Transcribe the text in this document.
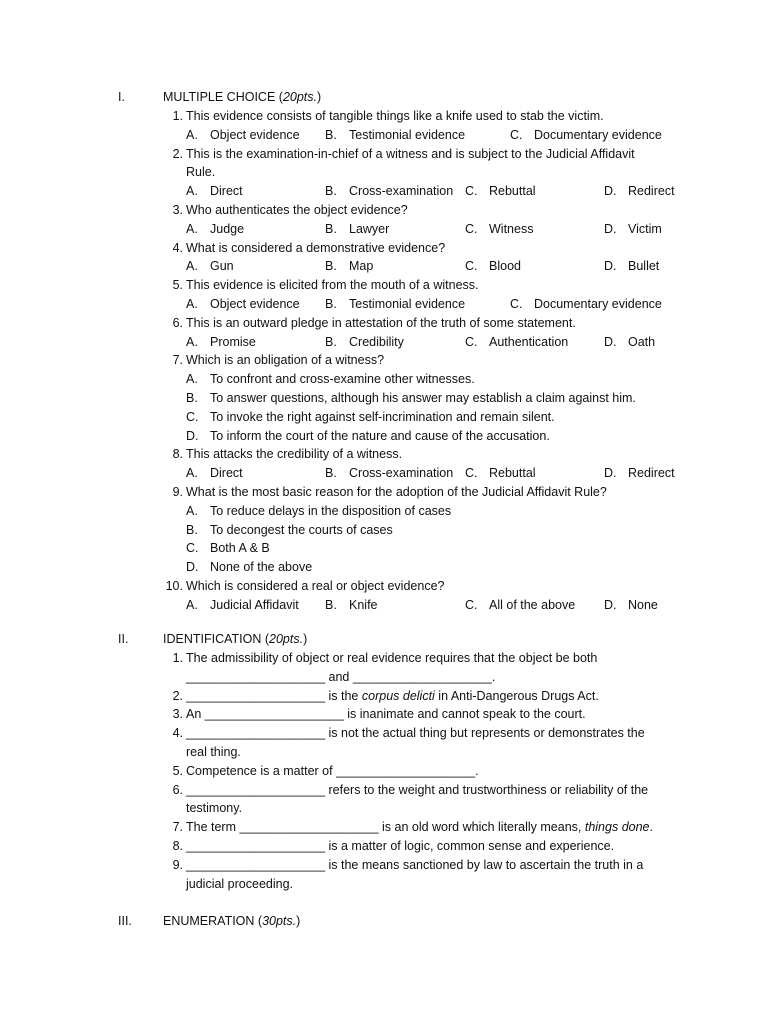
I.	MULTIPLE CHOICE (20pts.)
1. This evidence consists of tangible things like a knife used to stab the victim.
A. Object evidence B. Testimonial evidence	C. Documentary evidence
2. This is the examination-in-chief of a witness and is subject to the Judicial Affidavit
Rule.
A. Direct	B. Cross-examination C. Rebuttal	D. Redirect
3. Who authenticates the object evidence?
A. Judge	B. Lawyer	C. Witness	D. Victim
4. What is considered a demonstrative evidence?
A. Gun	B. Map	C. Blood	D. Bullet
5. This evidence is elicited from the mouth of a witness.
A. Object evidence B. Testimonial evidence	C. Documentary evidence
6. This is an outward pledge in attestation of the truth of some statement.
A. Promise	B. Credibility	C. Authentication	D. Oath
7. Which is an obligation of a witness?
A. To confront and cross-examine other witnesses.
B. To answer questions, although his answer may establish a claim against him.
C. To invoke the right against self-incrimination and remain silent.
D. To inform the court of the nature and cause of the accusation.
8. This attacks the credibility of a witness.
A. Direct	B. Cross-examination C. Rebuttal	D. Redirect
9. What is the most basic reason for the adoption of the Judicial Affidavit Rule?
A. To reduce delays in the disposition of cases
B. To decongest the courts of cases
C. Both A & B
D. None of the above
10. Which is considered a real or object evidence?
A. Judicial Affidavit B. Knife	C. All of the above D. None
II.	IDENTIFICATION (20pts.)
1. The admissibility of object or real evidence requires that the object be both
____________________ and ____________________.
2. ____________________ is the corpus delicti in Anti-Dangerous Drugs Act.
3. An ____________________ is inanimate and cannot speak to the court.
4. ____________________ is not the actual thing but represents or demonstrates the
real thing.
5. Competence is a matter of ____________________.
6. ____________________ refers to the weight and trustworthiness or reliability of the
testimony.
7. The term ____________________ is an old word which literally means, things done.
8. ____________________ is a matter of logic, common sense and experience.
9. ____________________ is the means sanctioned by law to ascertain the truth in a
judicial proceeding.
III. ENUMERATION (30pts.)
